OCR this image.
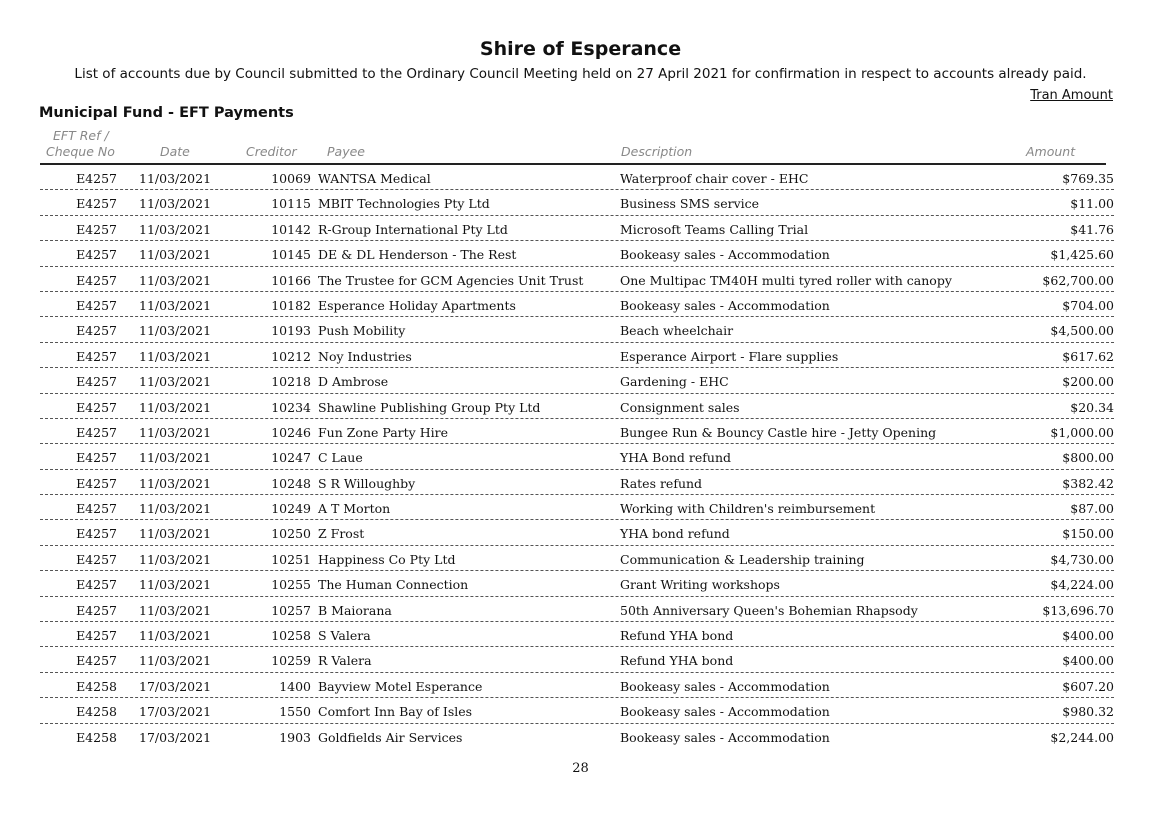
Shire of Esperance
List of accounts due by Council submitted to the Ordinary Council Meeting held on 27 April 2021 for confirmation in respect to accounts already paid.
Tran Amount
Municipal Fund - EFT Payments
EFT Ref /
Cheque No	Date	Creditor Payee	Description	Amount
E4257 11/03/2021	10069 WANTSA Medical	Waterproof chair cover - EHC	$769.35
E4257 11/03/2021	10115 MBIT Technologies Pty Ltd	Business SMS service	$11.00
E4257 11/03/2021	10142 R-Group International Pty Ltd	Microsoft Teams Calling Trial	$41.76
E4257 11/03/2021	10145 DE & DL Henderson - The Rest	Bookeasy sales - Accommodation	$1,425.60
E4257 11/03/2021	10166 The Trustee for GCM Agencies Unit Trust	One Multipac TM40H multi tyred roller with canopy	$62,700.00
E4257 11/03/2021	10182 Esperance Holiday Apartments	Bookeasy sales - Accommodation	$704.00
E4257 11/03/2021	10193 Push Mobility	Beach wheelchair	$4,500.00
E4257 11/03/2021	10212 Noy Industries	Esperance Airport - Flare supplies	$617.62
E4257 11/03/2021	10218 D Ambrose	Gardening - EHC	$200.00
E4257 11/03/2021	10234 Shawline Publishing Group Pty Ltd	Consignment sales	$20.34
E4257 11/03/2021	10246 Fun Zone Party Hire	Bungee Run & Bouncy Castle hire - Jetty Opening	$1,000.00
E4257 11/03/2021	10247 C Laue	YHA Bond refund	$800.00
E4257 11/03/2021	10248 S R Willoughby	Rates refund	$382.42
E4257 11/03/2021	10249 A T Morton	Working with Children's reimbursement	$87.00
E4257 11/03/2021	10250 Z Frost	YHA bond refund	$150.00
E4257 11/03/2021	10251 Happiness Co Pty Ltd	Communication & Leadership training	$4,730.00
E4257 11/03/2021	10255 The Human Connection	Grant Writing workshops	$4,224.00
E4257 11/03/2021	10257 B Maiorana	50th Anniversary Queen's Bohemian Rhapsody	$13,696.70
E4257 11/03/2021	10258 S Valera	Refund YHA bond	$400.00
E4257 11/03/2021	10259 R Valera	Refund YHA bond	$400.00
E4258 17/03/2021	1400 Bayview Motel Esperance	Bookeasy sales - Accommodation	$607.20
E4258 17/03/2021	1550 Comfort Inn Bay of Isles	Bookeasy sales - Accommodation	$980.32
E4258 17/03/2021	1903 Goldfields Air Services	Bookeasy sales - Accommodation	$2,244.00
28
